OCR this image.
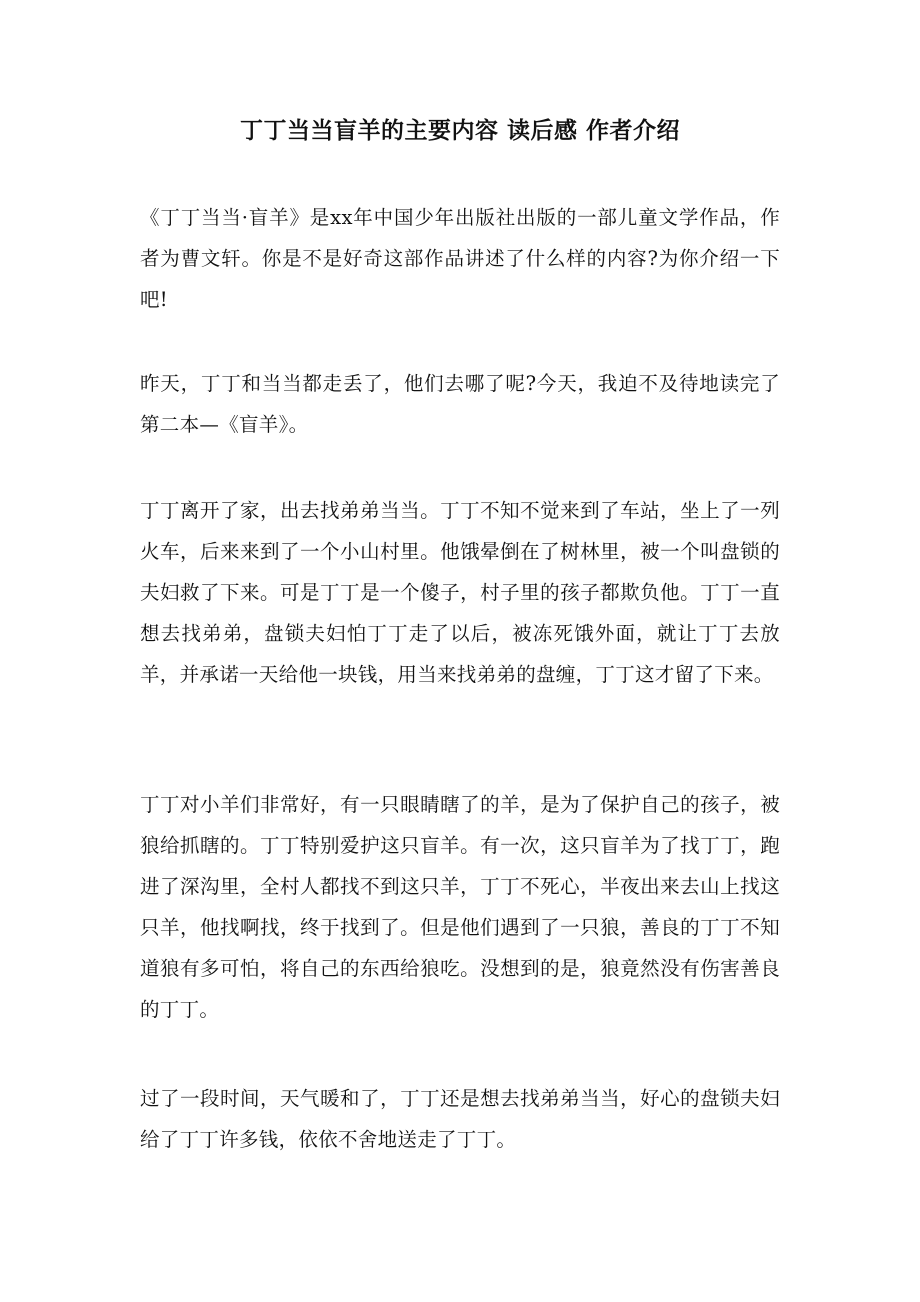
丁丁当当盲羊的主要内容 读后感 作者介绍

《丁丁当当·盲羊》是xx年中国少年出版社出版的一部儿童文学作品，作者为曹文轩。你是不是好奇这部作品讲述了什么样的内容?为你介绍一下吧!

昨天，丁丁和当当都走丢了，他们去哪了呢?今天，我迫不及待地读完了第二本—《盲羊》。

丁丁离开了家，出去找弟弟当当。丁丁不知不觉来到了车站，坐上了一列火车，后来来到了一个小山村里。他饿晕倒在了树林里，被一个叫盘锁的夫妇救了下来。可是丁丁是一个傻子，村子里的孩子都欺负他。丁丁一直想去找弟弟，盘锁夫妇怕丁丁走了以后，被冻死饿外面，就让丁丁去放羊，并承诺一天给他一块钱，用当来找弟弟的盘缠，丁丁这才留了下来。

丁丁对小羊们非常好，有一只眼睛瞎了的羊，是为了保护自己的孩子，被狼给抓瞎的。丁丁特别爱护这只盲羊。有一次，这只盲羊为了找丁丁，跑进了深沟里，全村人都找不到这只羊，丁丁不死心，半夜出来去山上找这只羊，他找啊找，终于找到了。但是他们遇到了一只狼，善良的丁丁不知道狼有多可怕，将自己的东西给狼吃。没想到的是，狼竟然没有伤害善良的丁丁。

过了一段时间，天气暖和了，丁丁还是想去找弟弟当当，好心的盘锁夫妇给了丁丁许多钱，依依不舍地送走了丁丁。
